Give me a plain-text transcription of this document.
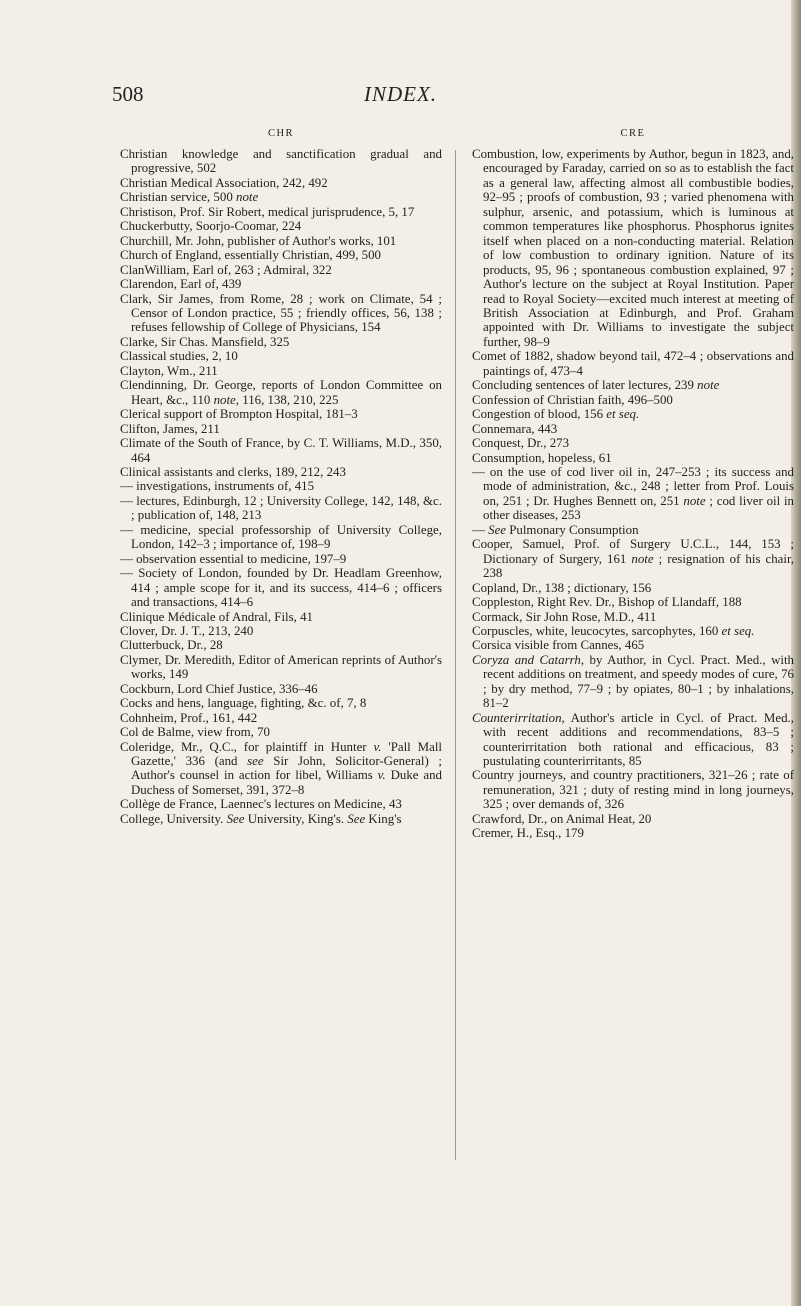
508	INDEX.
CHR
Christian knowledge and sanctification gradual and progressive, 502
Christian Medical Association, 242, 492
Christian service, 500 note
Christison, Prof. Sir Robert, medical jurisprudence, 5, 17
Chuckerbutty, Soorjo-Coomar, 224
Churchill, Mr. John, publisher of Author's works, 101
Church of England, essentially Christian, 499, 500
ClanWilliam, Earl of, 263 ; Admiral, 322
Clarendon, Earl of, 439
Clark, Sir James, from Rome, 28 ; work on Climate, 54 ; Censor of London practice, 55 ; friendly offices, 56, 138 ; refuses fellowship of College of Physicians, 154
Clarke, Sir Chas. Mansfield, 325
Classical studies, 2, 10
Clayton, Wm., 211
Clendinning, Dr. George, reports of London Committee on Heart, &c., 110 note, 116, 138, 210, 225
Clerical support of Brompton Hospital, 181–3
Clifton, James, 211
Climate of the South of France, by C. T. Williams, M.D., 350, 464
Clinical assistants and clerks, 189, 212, 243
— investigations, instruments of, 415
— lectures, Edinburgh, 12 ; University College, 142, 148, &c. ; publication of, 148, 213
— medicine, special professorship of University College, London, 142–3 ; importance of, 198–9
— observation essential to medicine, 197–9
— Society of London, founded by Dr. Headlam Greenhow, 414 ; ample scope for it, and its success, 414–6 ; officers and transactions, 414–6
Clinique Médicale of Andral, Fils, 41
Clover, Dr. J. T., 213, 240
Clutterbuck, Dr., 28
Clymer, Dr. Meredith, Editor of American reprints of Author's works, 149
Cockburn, Lord Chief Justice, 336–46
Cocks and hens, language, fighting, &c. of, 7, 8
Cohnheim, Prof., 161, 442
Col de Balme, view from, 70
Coleridge, Mr., Q.C., for plaintiff in Hunter v. 'Pall Mall Gazette,' 336 (and see Sir John, Solicitor-General) ; Author's counsel in action for libel, Williams v. Duke and Duchess of Somerset, 391, 372–8
Collège de France, Laennec's lectures on Medicine, 43
College, University. See University, King's. See King's
CRE
Combustion, low, experiments by Author, begun in 1823, and, encouraged by Faraday, carried on so as to establish the fact as a general law, affecting almost all combustible bodies, 92–95 ; proofs of combustion, 93 ; varied phenomena with sulphur, arsenic, and potassium, which is luminous at common temperatures like phosphorus. Phosphorus ignites itself when placed on a non-conducting material. Relation of low combustion to ordinary ignition. Nature of its products, 95, 96 ; spontaneous combustion explained, 97 ; Author's lecture on the subject at Royal Institution. Paper read to Royal Society—excited much interest at meeting of British Association at Edinburgh, and Prof. Graham appointed with Dr. Williams to investigate the subject further, 98–9
Comet of 1882, shadow beyond tail, 472–4 ; observations and paintings of, 473–4
Concluding sentences of later lectures, 239 note
Confession of Christian faith, 496–500
Congestion of blood, 156 et seq.
Connemara, 443
Conquest, Dr., 273
Consumption, hopeless, 61
— on the use of cod liver oil in, 247–253 ; its success and mode of administration, &c., 248 ; letter from Prof. Louis on, 251 ; Dr. Hughes Bennett on, 251 note ; cod liver oil in other diseases, 253
— See Pulmonary Consumption
Cooper, Samuel, Prof. of Surgery U.C.L., 144, 153 ; Dictionary of Surgery, 161 note ; resignation of his chair, 238
Copland, Dr., 138 ; dictionary, 156
Coppleston, Right Rev. Dr., Bishop of Llandaff, 188
Cormack, Sir John Rose, M.D., 411
Corpuscles, white, leucocytes, sarcophytes, 160 et seq.
Corsica visible from Cannes, 465
Coryza and Catarrh, by Author, in Cycl. Pract. Med., with recent additions on treatment, and speedy modes of cure, 76 ; by dry method, 77–9 ; by opiates, 80–1 ; by inhalations, 81–2
Counterirritation, Author's article in Cycl. of Pract. Med., with recent additions and recommendations, 83–5 ; counterirritation both rational and efficacious, 83 ; pustulating counterirritants, 85
Country journeys, and country practitioners, 321–26 ; rate of remuneration, 321 ; duty of resting mind in long journeys, 325 ; over demands of, 326
Crawford, Dr., on Animal Heat, 20
Cremer, H., Esq., 179
